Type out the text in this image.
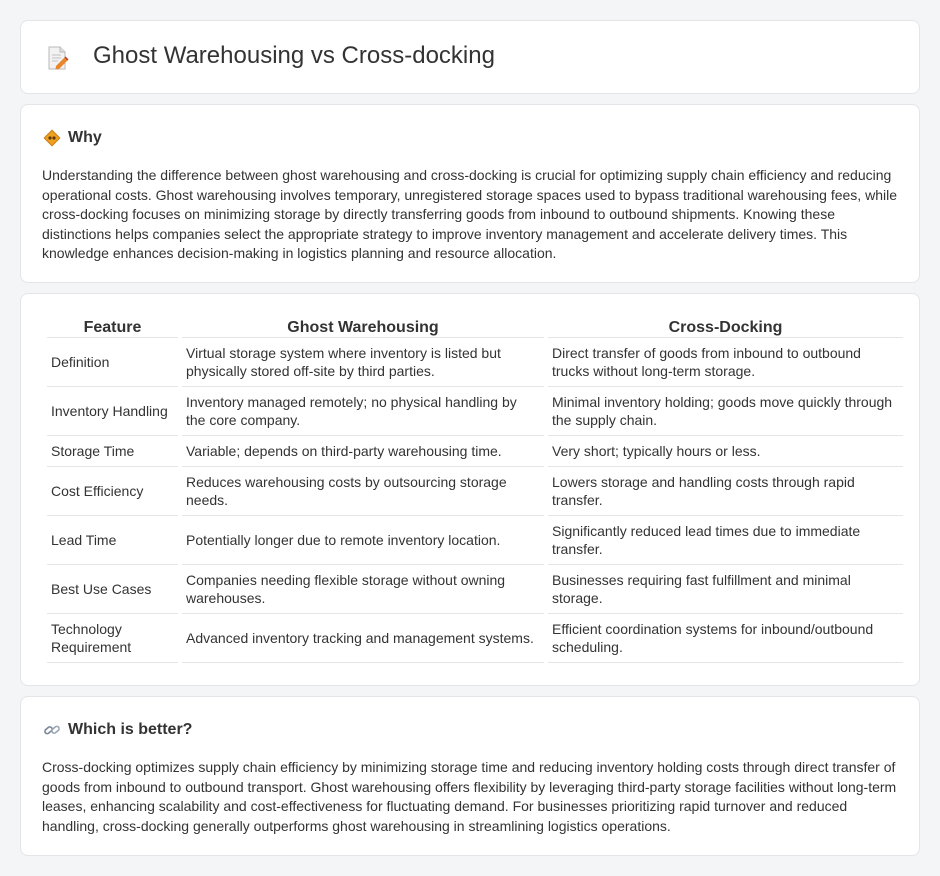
Ghost Warehousing vs Cross-docking
Why

Understanding the difference between ghost warehousing and cross-docking is crucial for optimizing supply chain efficiency and reducing operational costs. Ghost warehousing involves temporary, unregistered storage spaces used to bypass traditional warehousing fees, while cross-docking focuses on minimizing storage by directly transferring goods from inbound to outbound shipments. Knowing these distinctions helps companies select the appropriate strategy to improve inventory management and accelerate delivery times. This knowledge enhances decision-making in logistics planning and resource allocation.

Feature	Ghost Warehousing	Cross-Docking
Definition	Virtual storage system where inventory is listed but physically stored off-site by third parties.	Direct transfer of goods from inbound to outbound trucks without long-term storage.
Inventory Handling	Inventory managed remotely; no physical handling by the core company.	Minimal inventory holding; goods move quickly through the supply chain.
Storage Time	Variable; depends on third-party warehousing time.	Very short; typically hours or less.
Cost Efficiency	Reduces warehousing costs by outsourcing storage needs.	Lowers storage and handling costs through rapid transfer.
Lead Time	Potentially longer due to remote inventory location.	Significantly reduced lead times due to immediate transfer.
Best Use Cases	Companies needing flexible storage without owning warehouses.	Businesses requiring fast fulfillment and minimal storage.
Technology Requirement	Advanced inventory tracking and management systems.	Efficient coordination systems for inbound/outbound scheduling.
Which is better?

Cross-docking optimizes supply chain efficiency by minimizing storage time and reducing inventory holding costs through direct transfer of goods from inbound to outbound transport. Ghost warehousing offers flexibility by leveraging third-party storage facilities without long-term leases, enhancing scalability and cost-effectiveness for fluctuating demand. For businesses prioritizing rapid turnover and reduced handling, cross-docking generally outperforms ghost warehousing in streamlining logistics operations.
